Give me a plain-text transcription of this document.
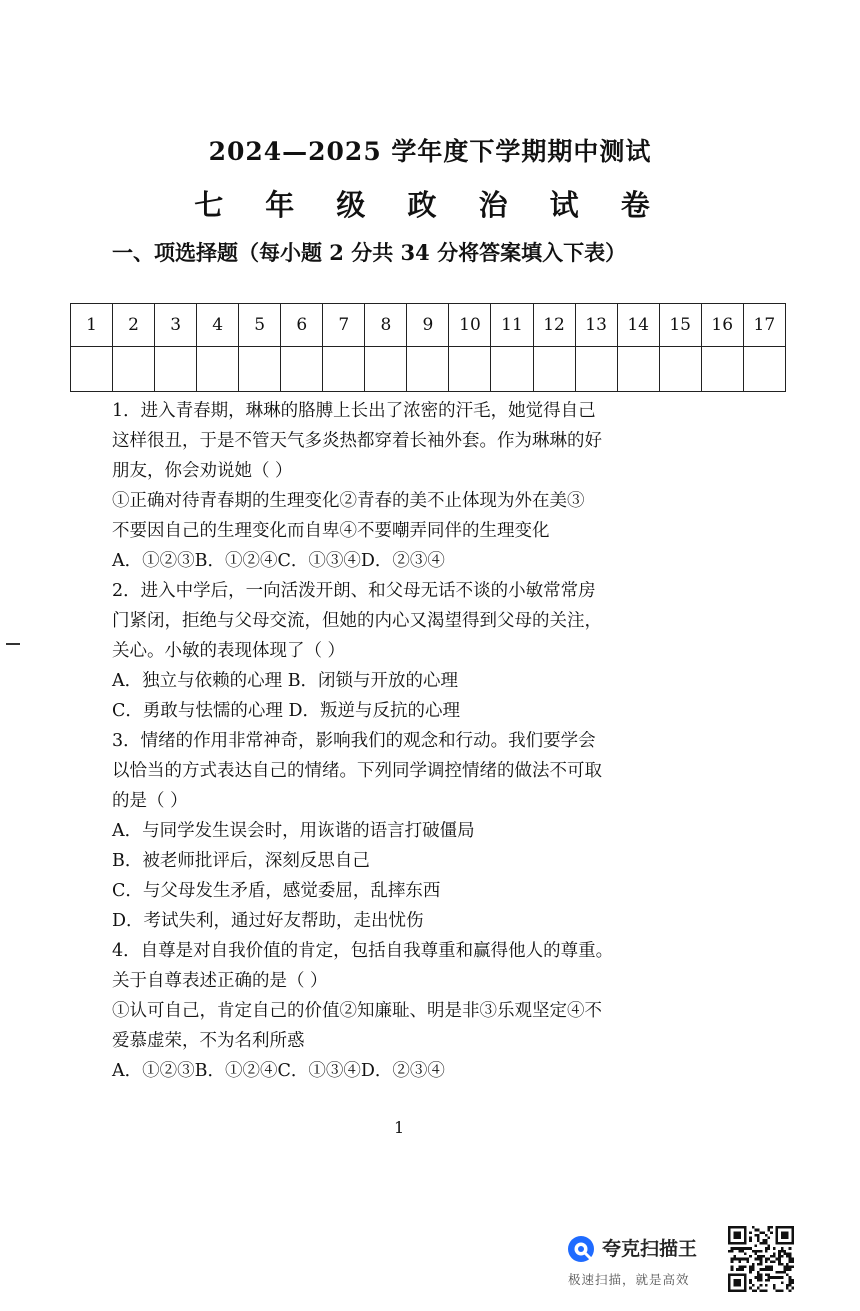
2024—2025 学年度下学期期中测试
七 年 级 政 治 试 卷
一、项选择题（每小题 2 分共 34 分将答案填入下表）
1	2	3	4	5	6	7	8	9	10	11	12	13	14	15	16	17

1．进入青春期，琳琳的胳膊上长出了浓密的汗毛，她觉得自己
这样很丑，于是不管天气多炎热都穿着长袖外套。作为琳琳的好
朋友，你会劝说她（ ）
①正确对待青春期的生理变化②青春的美不止体现为外在美③
不要因自己的生理变化而自卑④不要嘲弄同伴的生理变化
A．①②③B．①②④C．①③④D．②③④
2．进入中学后，一向活泼开朗、和父母无话不谈的小敏常常房
门紧闭，拒绝与父母交流，但她的内心又渴望得到父母的关注，
关心。小敏的表现体现了（ ）
A．独立与依赖的心理 B．闭锁与开放的心理
C．勇敢与怯懦的心理 D．叛逆与反抗的心理
3．情绪的作用非常神奇，影响我们的观念和行动。我们要学会
以恰当的方式表达自己的情绪。下列同学调控情绪的做法不可取
的是（ ）
A．与同学发生误会时，用诙谐的语言打破僵局
B．被老师批评后，深刻反思自己
C．与父母发生矛盾，感觉委屈，乱摔东西
D．考试失利，通过好友帮助，走出忧伤
4．自尊是对自我价值的肯定，包括自我尊重和赢得他人的尊重。
关于自尊表述正确的是（ ）
①认可自己，肯定自己的价值②知廉耻、明是非③乐观坚定④不
爱慕虚荣，不为名利所惑
A．①②③B．①②④C．①③④D．②③④
1
夸克扫描王
极速扫描，就是高效
